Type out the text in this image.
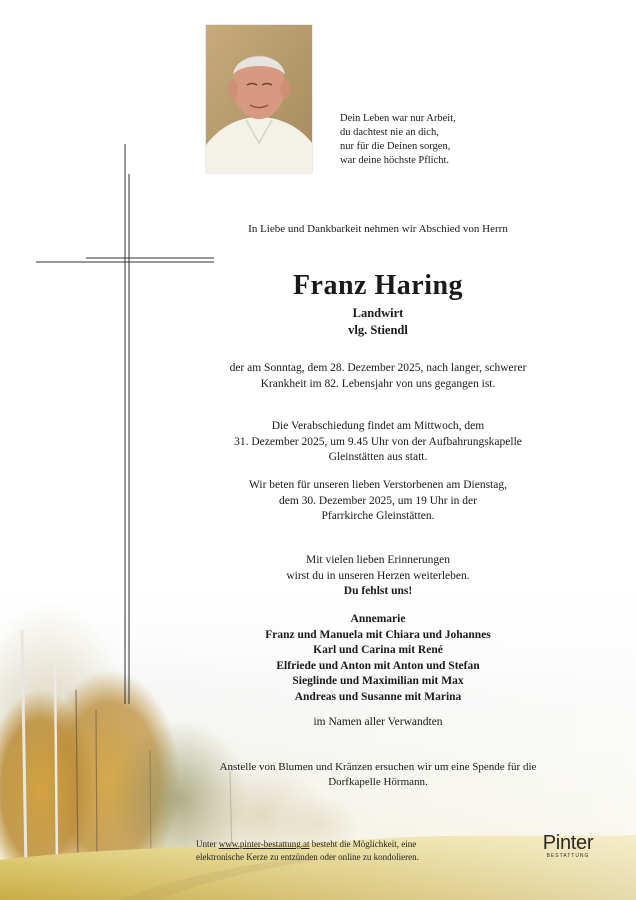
Dein Leben war nur Arbeit,
du dachtest nie an dich,
nur für die Deinen sorgen,
war deine höchste Pflicht.
In Liebe und Dankbarkeit nehmen wir Abschied von Herrn
Franz Haring
Landwirt
vlg. Stiendl
der am Sonntag, dem 28. Dezember 2025, nach langer, schwerer
Krankheit im 82. Lebensjahr von uns gegangen ist.
Die Verabschiedung findet am Mittwoch, dem
31. Dezember 2025, um 9.45 Uhr von der Aufbahrungskapelle
Gleinstätten aus statt.
Wir beten für unseren lieben Verstorbenen am Dienstag,
dem 30. Dezember 2025, um 19 Uhr in der
Pfarrkirche Gleinstätten.
Mit vielen lieben Erinnerungen
wirst du in unseren Herzen weiterleben.
Du fehlst uns!
Annemarie
Franz und Manuela mit Chiara und Johannes
Karl und Carina mit René
Elfriede und Anton mit Anton und Stefan
Sieglinde und Maximilian mit Max
Andreas und Susanne mit Marina
im Namen aller Verwandten
Anstelle von Blumen und Kränzen ersuchen wir um eine Spende für die
Dorfkapelle Hörmann.
Unter www.pinter-bestattung.at besteht die Möglichkeit, eine
elektronische Kerze zu entzünden oder online zu kondolieren.
Pinter
BESTATTUNG
